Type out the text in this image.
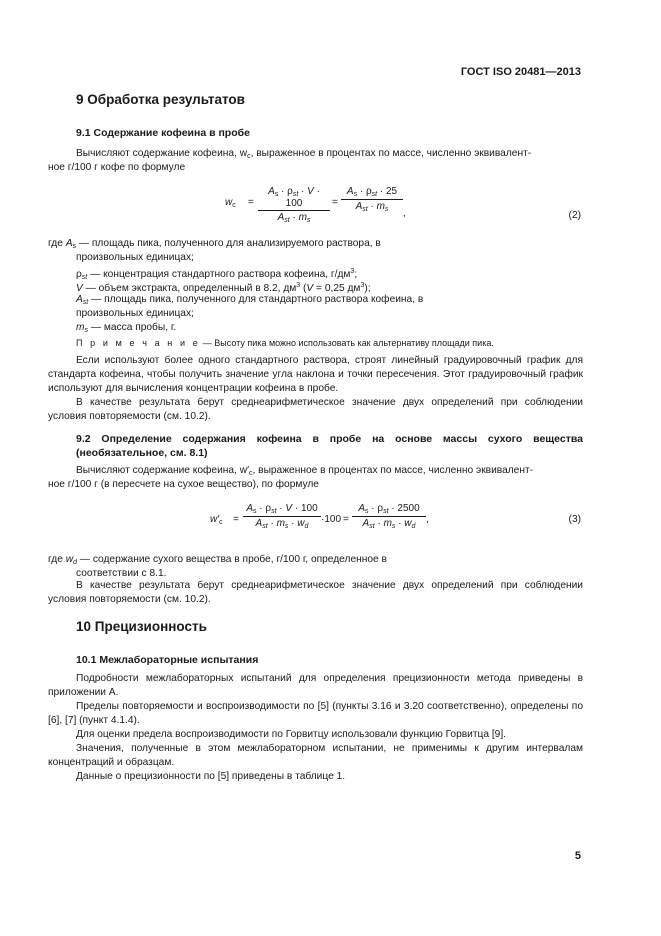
ГОСТ ISO 20481—2013
9 Обработка результатов
9.1 Содержание кофеина в пробе
Вычисляют содержание кофеина, $w_c$, выраженное в процентах по массе, численно эквивалент-
ное г/100 г кофе по формуле
$w_c$ =
$A_s \cdot \rho_{st} \cdot V \cdot 100$
$A_{st} \cdot m_s$
=
$A_s \cdot \rho_{st} \cdot 25$
$A_{st} \cdot m_s$	,	(2)
где $A_s$ — площадь пика, полученного для анализируемого раствора, в
произвольных единицах;
$\rho_{st}$ — концентрация стандартного раствора кофеина, $г/дм^3$;
V — объем экстракта, определенный в 8.2, $дм^3$ (V = 0,25 $дм^3$);
$A_{st}$ — площадь пика, полученного для стандартного раствора кофеина, в
произвольных единицах;
$m_s$ — масса пробы, г.
П р и м е ч а н и е — Высоту пика можно использовать как альтернативу площади пика.
Если используют более одного стандартного раствора, строят линейный градуировочный график для стандарта кофеина, чтобы получить значение угла наклона и точки пересечения. Этот градуировочный график используют для вычисления концентрации кофеина в пробе.
В качестве результата берут среднеарифметическое значение двух определений при соблюдении условия повторяемости (см. 10.2).
9.2 Определение содержания кофеина в пробе на основе массы сухого вещества
(необязательное, см. 8.1)
Вычисляют содержание кофеина, $w'_c$, выраженное в процентах по массе, численно эквивалент-
ное г/100 г (в пересчете на сухое вещество), по формуле
$w'_c$ =
$A_s \cdot \rho_{st} \cdot V \cdot 100$
$A_{st} \cdot m_s \cdot w_d$
·100 =
$A_s \cdot \rho_{st} \cdot 2500$
$A_{st} \cdot m_s \cdot w_d$
,	(3)
где $w_d$ — содержание сухого вещества в пробе, г/100 г, определенное в
соответствии с 8.1.
В качестве результата берут среднеарифметическое значение двух определений при соблюдении условия повторяемости (см. 10.2).
10 Прецизионность
10.1 Межлабораторные испытания
Подробности межлабораторных испытаний для определения прецизионности метода приведены в приложении А.
Пределы повторяемости и воспроизводимости по [5] (пункты 3.16 и 3.20 соответственно), определены по [6], [7] (пункт 4.1.4).
Для оценки предела воспроизводимости по Горвитцу использовали функцию Горвитца [9].
Значения, полученные в этом межлабораторном испытании, не применимы к другим интервалам концентраций и образцам.
Данные о прецизионности по [5] приведены в таблице 1.
5
